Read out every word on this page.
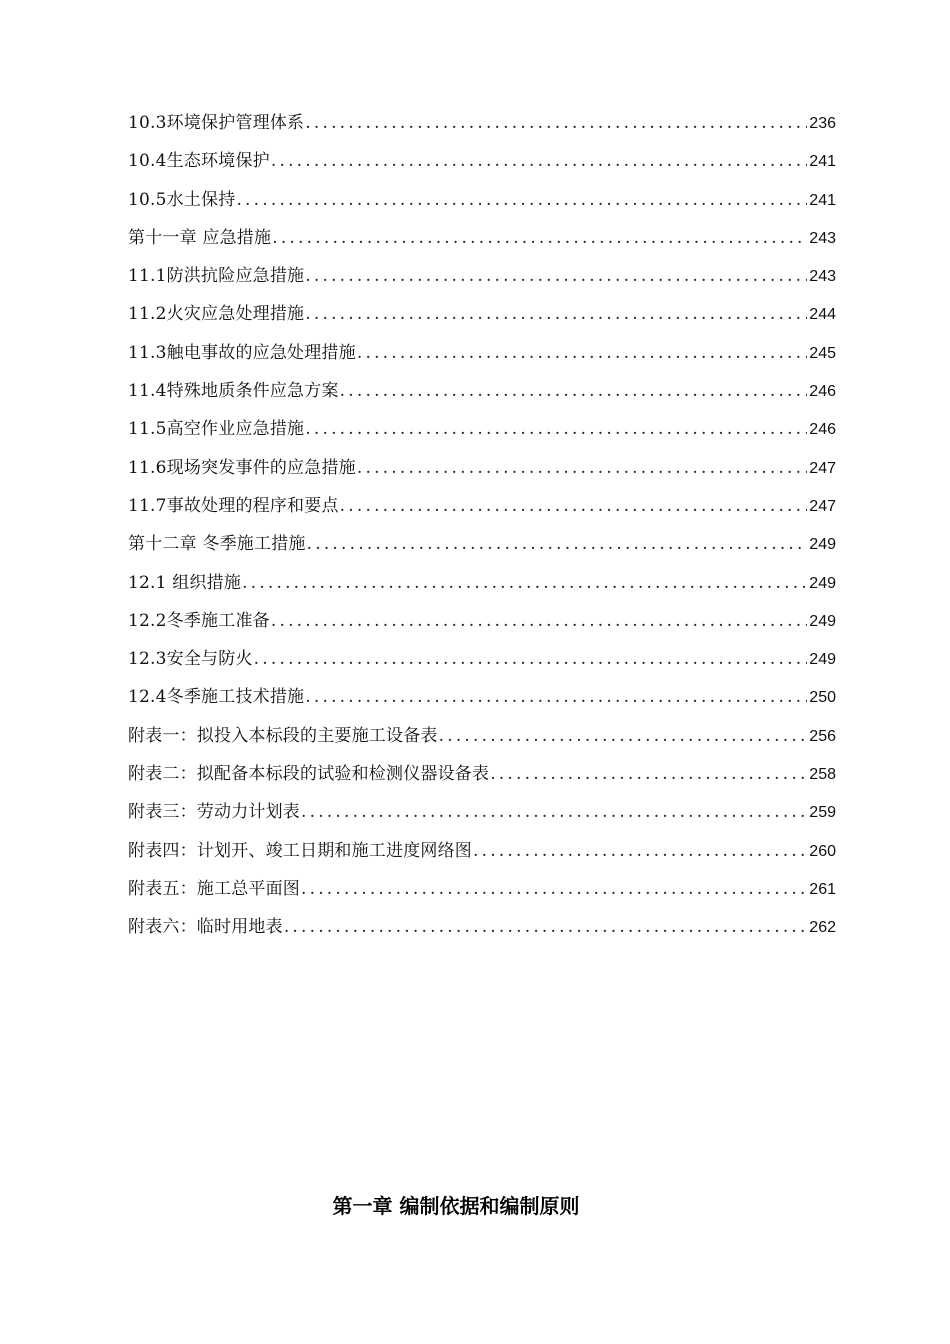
10.3环境保护管理体系 .....	236
10.4生态环境保护 .....	241
10.5水土保持 .....	241
第十一章 应急措施 .....	243
11.1防洪抗险应急措施 .....	243
11.2火灾应急处理措施 .....	244
11.3触电事故的应急处理措施 .....	245
11.4特殊地质条件应急方案 .....	246
11.5高空作业应急措施 .....	246
11.6现场突发事件的应急措施 .....	247
11.7事故处理的程序和要点 .....	247
第十二章 冬季施工措施 .....	249
12.1 组织措施 .....	249
12.2冬季施工准备 .....	249
12.3安全与防火 .....	249
12.4冬季施工技术措施 .....	250
附表一：拟投入本标段的主要施工设备表 .....	256
附表二：拟配备本标段的试验和检测仪器设备表 .....	258
附表三：劳动力计划表 .....	259
附表四：计划开、竣工日期和施工进度网络图 .....	260
附表五：施工总平面图 .....	261
附表六：临时用地表 .....	262
第一章 编制依据和编制原则
